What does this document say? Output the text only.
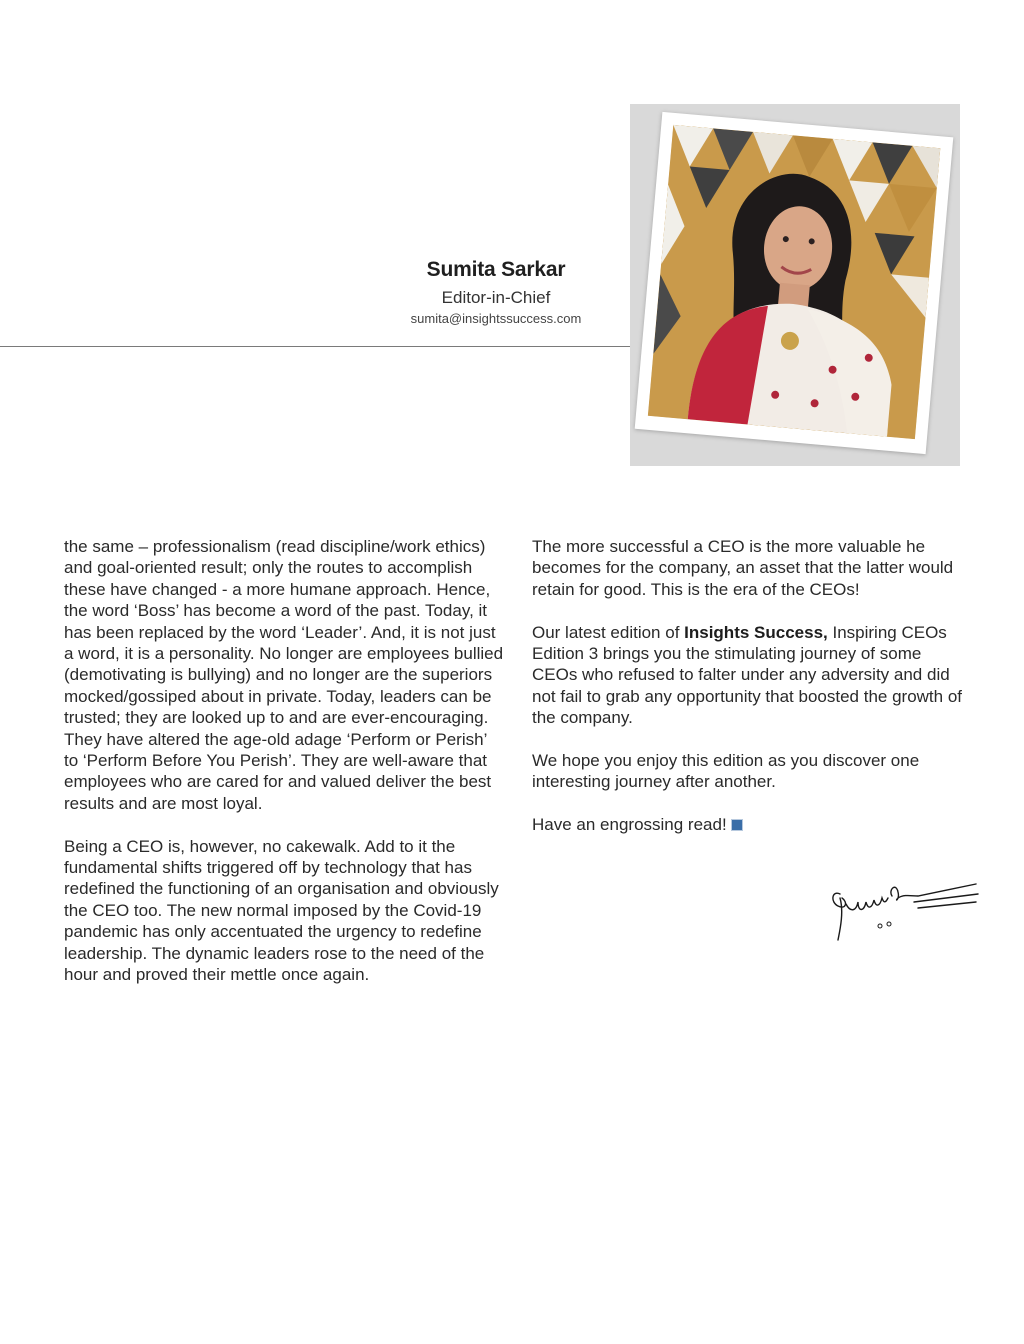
Sumita Sarkar
Editor-in-Chief
sumita@insightssuccess.com

the same – professionalism (read discipline/work ethics) and goal-oriented result; only the routes to accomplish these have changed - a more humane approach. Hence, the word ‘Boss’ has become a word of the past. Today, it has been replaced by the word ‘Leader’. And, it is not just a word, it is a personality. No longer are employees bullied (demotivating is bullying) and no longer are the superiors mocked/gossiped about in private. Today, leaders can be trusted; they are looked up to and are ever-encouraging. They have altered the age-old adage ‘Perform or Perish’ to ‘Perform Before You Perish’. They are well-aware that employees who are cared for and valued deliver the best results and are most loyal.

Being a CEO is, however, no cakewalk. Add to it the fundamental shifts triggered off by technology that has redefined the functioning of an organisation and obviously the CEO too. The new normal imposed by the Covid-19 pandemic has only accentuated the urgency to redefine leadership. The dynamic leaders rose to the need of the hour and proved their mettle once again.

The more successful a CEO is the more valuable he becomes for the company, an asset that the latter would retain for good. This is the era of the CEOs!

Our latest edition of Insights Success, Inspiring CEOs Edition 3 brings you the stimulating journey of some CEOs who refused to falter under any adversity and did not fail to grab any opportunity that boosted the growth of the company.

We hope you enjoy this edition as you discover one interesting journey after another.

Have an engrossing read!
